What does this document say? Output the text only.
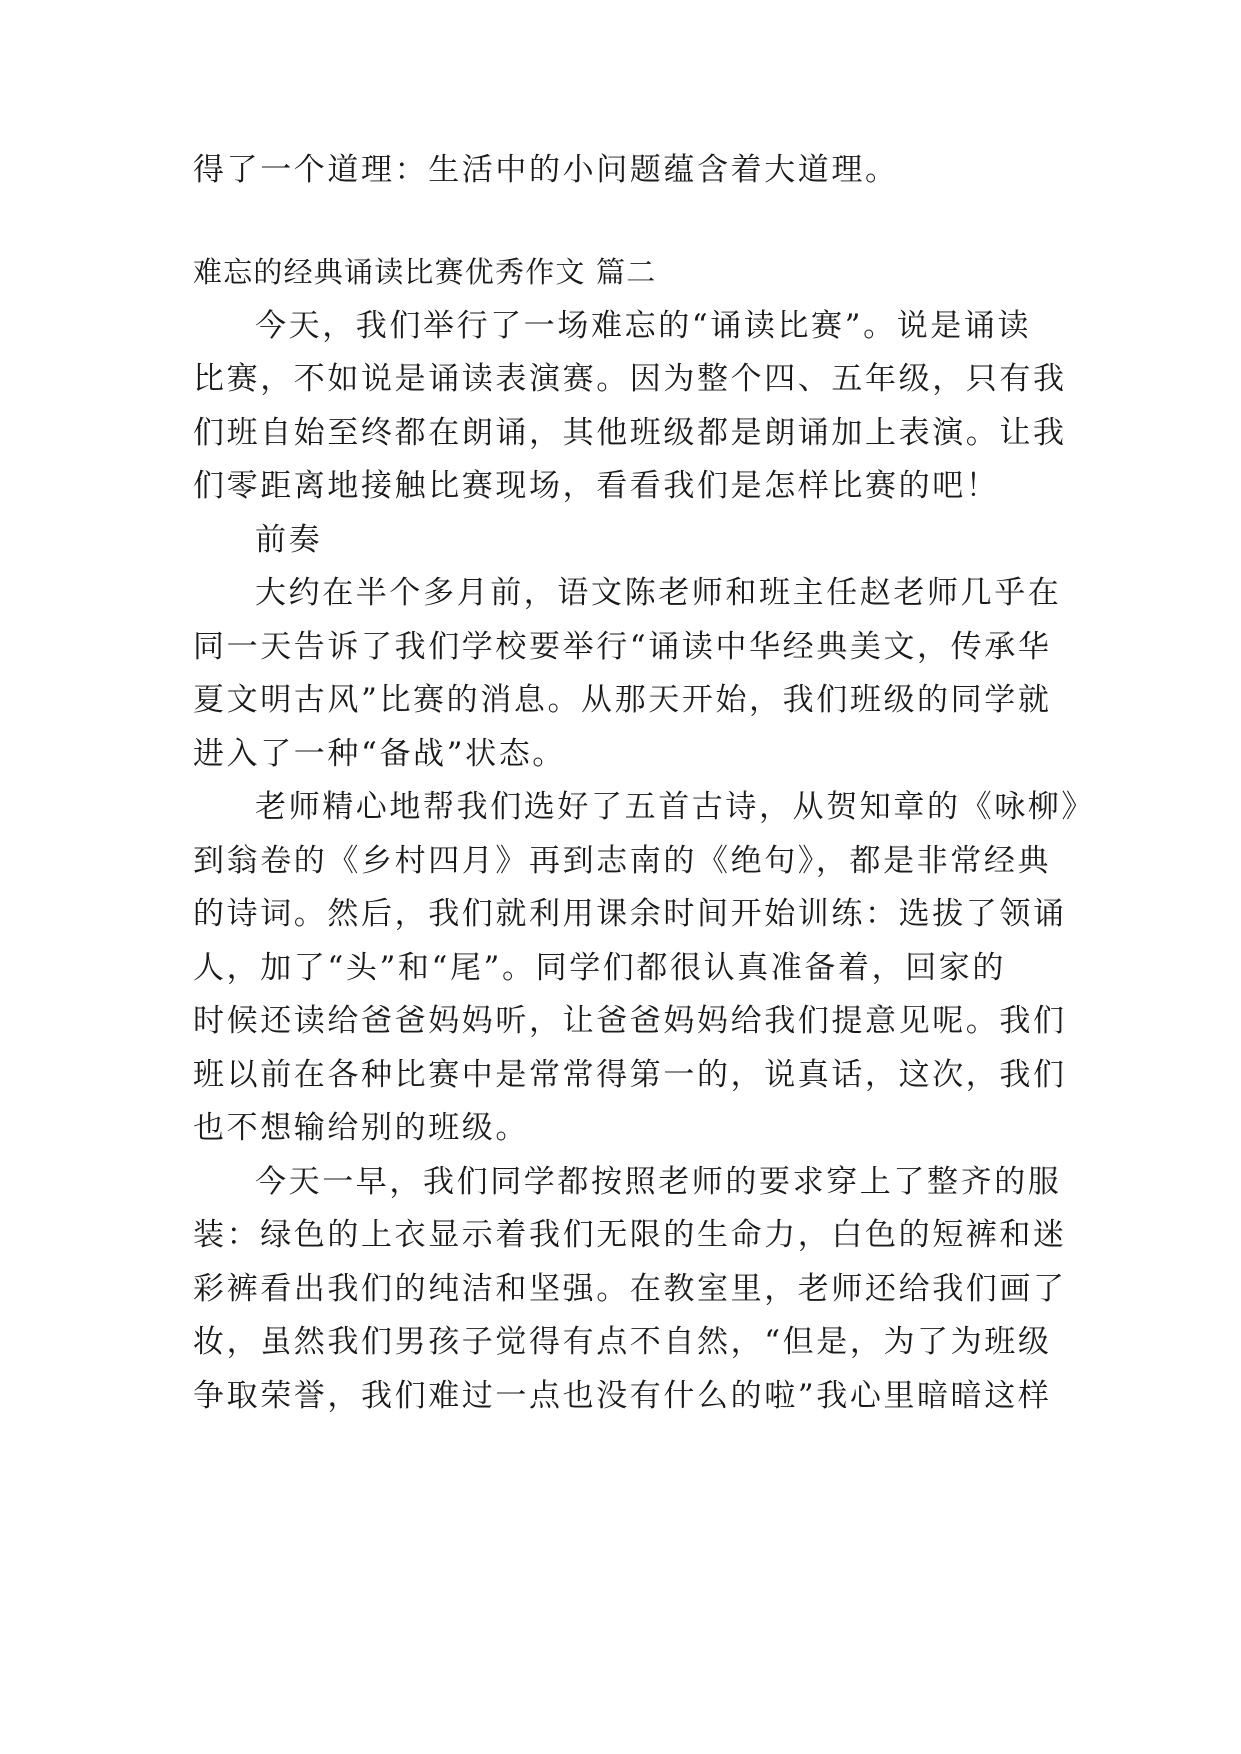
得了一个道理：生活中的小问题蕴含着大道理。
难忘的经典诵读比赛优秀作文 篇二
今天，我们举行了一场难忘的“诵读比赛”。说是诵读
比赛，不如说是诵读表演赛。因为整个四、五年级，只有我
们班自始至终都在朗诵，其他班级都是朗诵加上表演。让我
们零距离地接触比赛现场，看看我们是怎样比赛的吧！
前奏
大约在半个多月前，语文陈老师和班主任赵老师几乎在
同一天告诉了我们学校要举行“诵读中华经典美文，传承华
夏文明古风”比赛的消息。从那天开始，我们班级的同学就
进入了一种“备战”状态。
老师精心地帮我们选好了五首古诗，从贺知章的《咏柳》
到翁卷的《乡村四月》再到志南的《绝句》，都是非常经典
的诗词。然后，我们就利用课余时间开始训练：选拔了领诵
人，加了“头”和“尾”。同学们都很认真准备着，回家的
时候还读给爸爸妈妈听，让爸爸妈妈给我们提意见呢。我们
班以前在各种比赛中是常常得第一的，说真话，这次，我们
也不想输给别的班级。
今天一早，我们同学都按照老师的要求穿上了整齐的服
装：绿色的上衣显示着我们无限的生命力，白色的短裤和迷
彩裤看出我们的纯洁和坚强。在教室里，老师还给我们画了
妆，虽然我们男孩子觉得有点不自然，“但是，为了为班级
争取荣誉，我们难过一点也没有什么的啦”我心里暗暗这样
